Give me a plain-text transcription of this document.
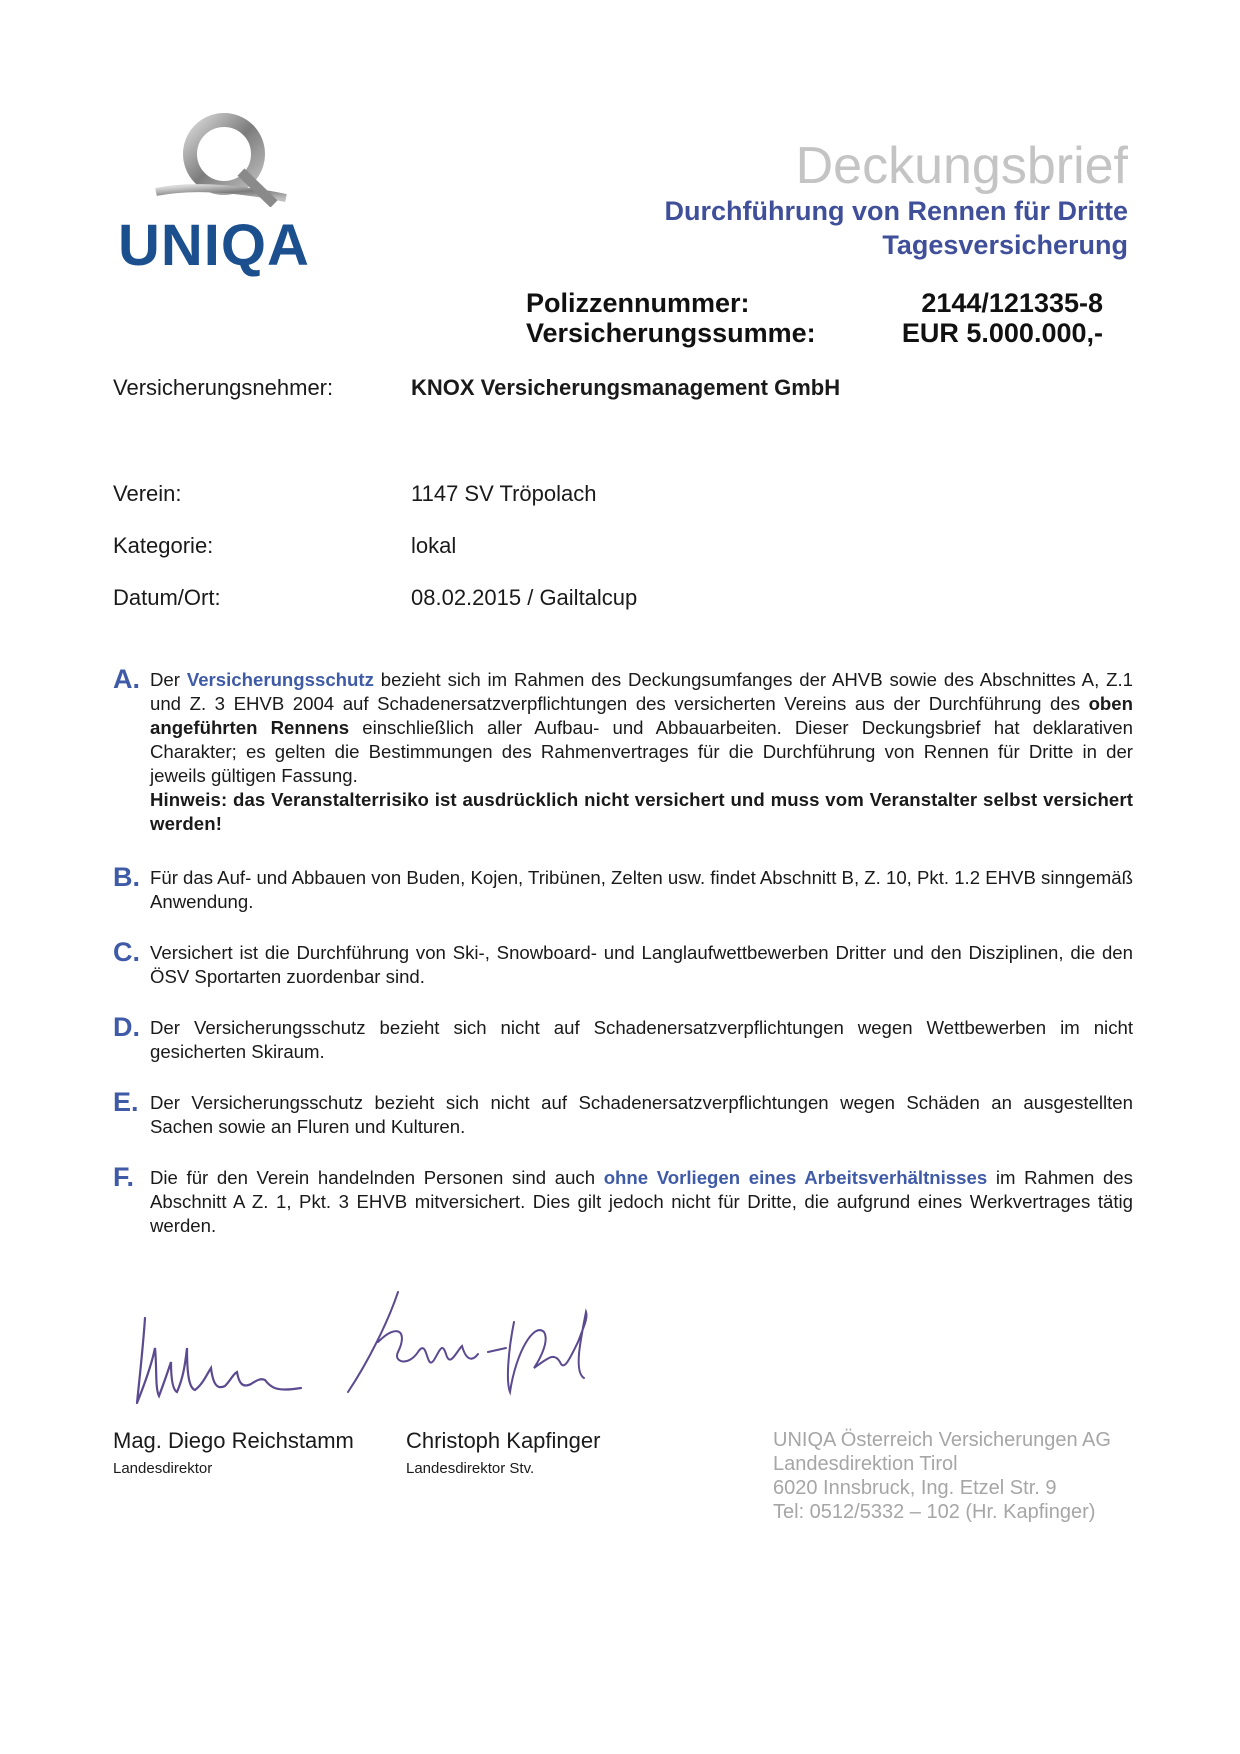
UNIQA
Deckungsbrief
Durchführung von Rennen für Dritte
Tagesversicherung
Polizzennummer:	2144/121335-8
Versicherungssumme:	EUR 5.000.000,-
Versicherungsnehmer:	KNOX Versicherungsmanagement GmbH
Verein:	1147 SV Tröpolach
Kategorie:	lokal
Datum/Ort:	08.02.2015 / Gailtalcup
A. Der Versicherungsschutz bezieht sich im Rahmen des Deckungsumfanges der AHVB sowie des Abschnittes A, Z.1 und Z. 3 EHVB 2004 auf Schadenersatzverpflichtungen des versicherten Vereins aus der Durchführung des oben angeführten Rennens einschließlich aller Aufbau- und Abbauarbeiten. Dieser Deckungsbrief hat deklarativen Charakter; es gelten die Bestimmungen des Rahmenvertrages für die Durchführung von Rennen für Dritte in der jeweils gültigen Fassung.
Hinweis: das Veranstalterrisiko ist ausdrücklich nicht versichert und muss vom Veranstalter selbst versichert werden!
B. Für das Auf- und Abbauen von Buden, Kojen, Tribünen, Zelten usw. findet Abschnitt B, Z. 10, Pkt. 1.2 EHVB sinngemäß Anwendung.
C. Versichert ist die Durchführung von Ski-, Snowboard- und Langlaufwettbewerben Dritter und den Disziplinen, die den ÖSV Sportarten zuordenbar sind.
D. Der Versicherungsschutz bezieht sich nicht auf Schadenersatzverpflichtungen wegen Wettbewerben im nicht gesicherten Skiraum.
E. Der Versicherungsschutz bezieht sich nicht auf Schadenersatzverpflichtungen wegen Schäden an ausgestellten Sachen sowie an Fluren und Kulturen.
F. Die für den Verein handelnden Personen sind auch ohne Vorliegen eines Arbeitsverhältnisses im Rahmen des Abschnitt A Z. 1, Pkt. 3 EHVB mitversichert. Dies gilt jedoch nicht für Dritte, die aufgrund eines Werkvertrages tätig werden.
Mag. Diego Reichstamm
Landesdirektor
Christoph Kapfinger
Landesdirektor Stv.
UNIQA Österreich Versicherungen AG
Landesdirektion Tirol
6020 Innsbruck, Ing. Etzel Str. 9
Tel: 0512/5332 – 102 (Hr. Kapfinger)
